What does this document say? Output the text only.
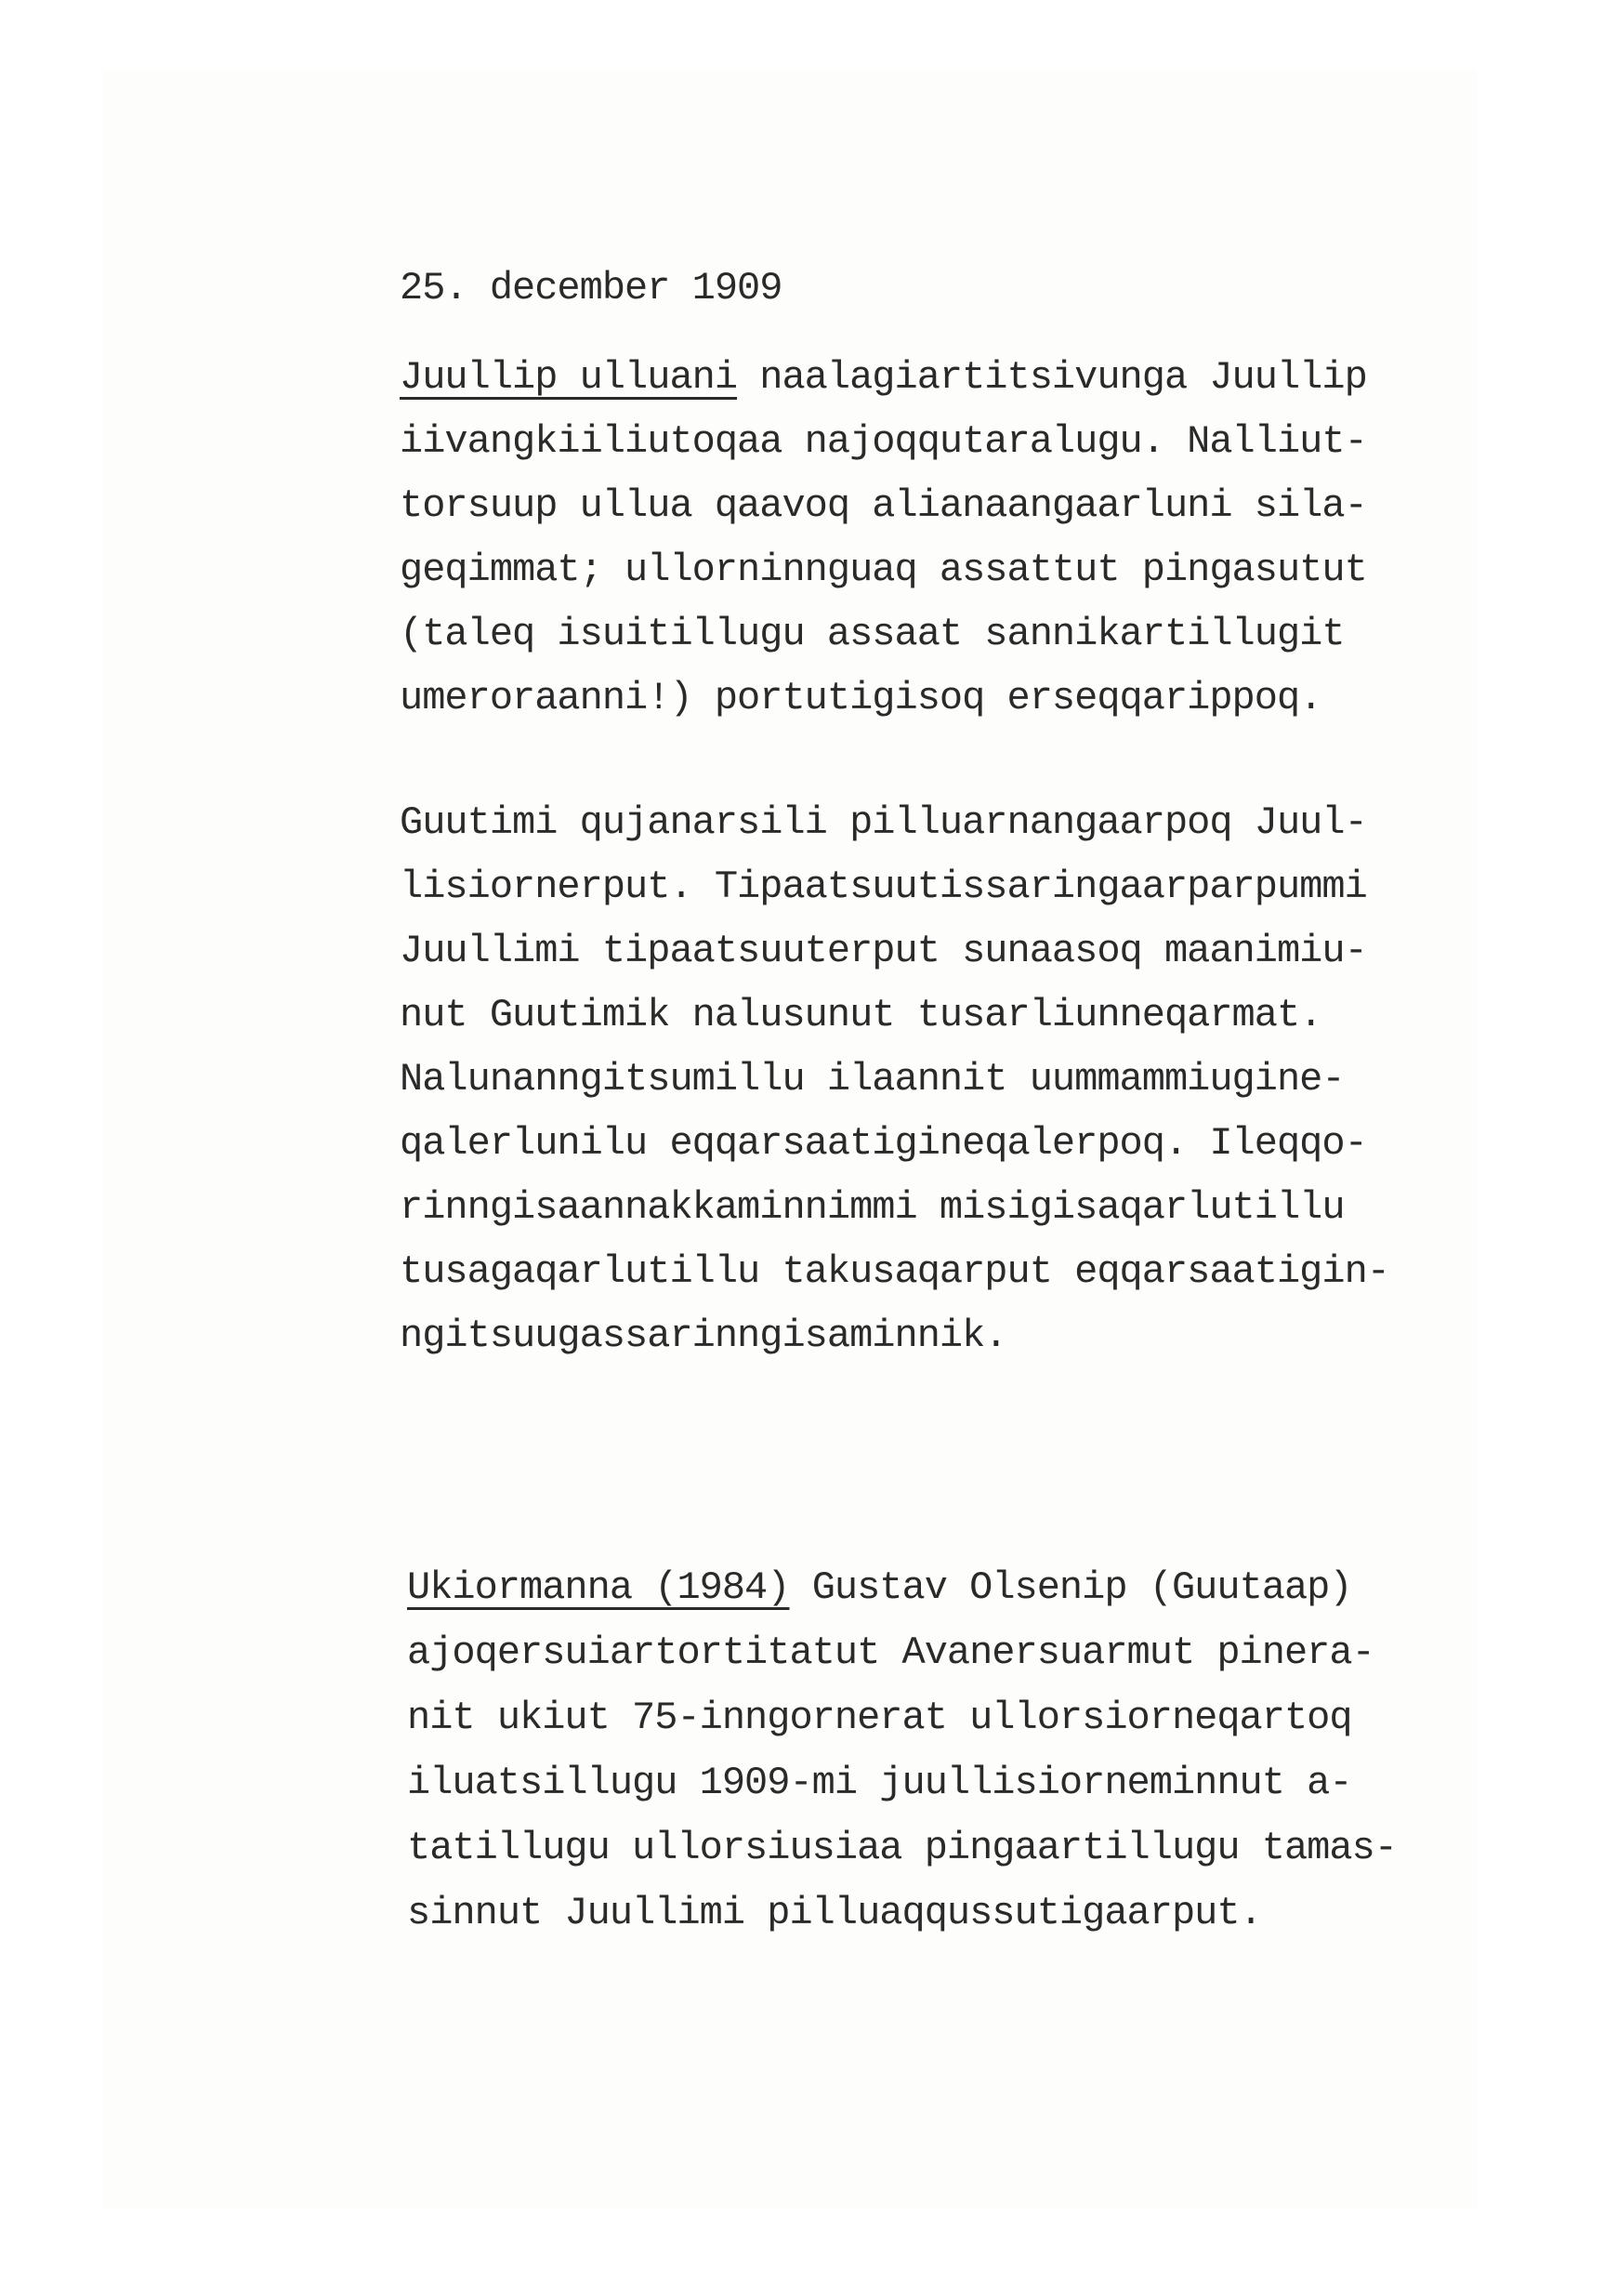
25. december 1909
Juullip ulluani naalagiartitsivunga Juullip
iivangkiiliutoqaa najoqqutaralugu. Nalliut-
torsuup ullua qaavoq alianaangaarluni sila-
geqimmat; ullorninnguaq assattut pingasutut
(taleq isuitillugu assaat sannikartillugit
umeroraanni!) portutigisoq erseqqarippoq.
Guutimi qujanarsili pilluarnangaarpoq Juul-
lisiornerput. Tipaatsuutissaringaarparpummi
Juullimi tipaatsuuterput sunaasoq maanimiu-
nut Guutimik nalusunut tusarliunneqarmat.
Nalunanngitsumillu ilaannit uummammiugine-
qalerlunilu eqqarsaatigineqalerpoq. Ileqqo-
rinngisaannakkaminnimmi misigisaqarlutillu
tusagaqarlutillu takusaqarput eqqarsaatigin-
ngitsuugassarinngisaminnik.
Ukiormanna (1984) Gustav Olsenip (Guutaap)
ajoqersuiartortitatut Avanersuarmut pinera-
nit ukiut 75-inngornerat ullorsiorneqartoq
iluatsillugu 1909-mi juullisiorneminnut a-
tatillugu ullorsiusiaa pingaartillugu tamas-
sinnut Juullimi pilluaqqussutigaarput.
